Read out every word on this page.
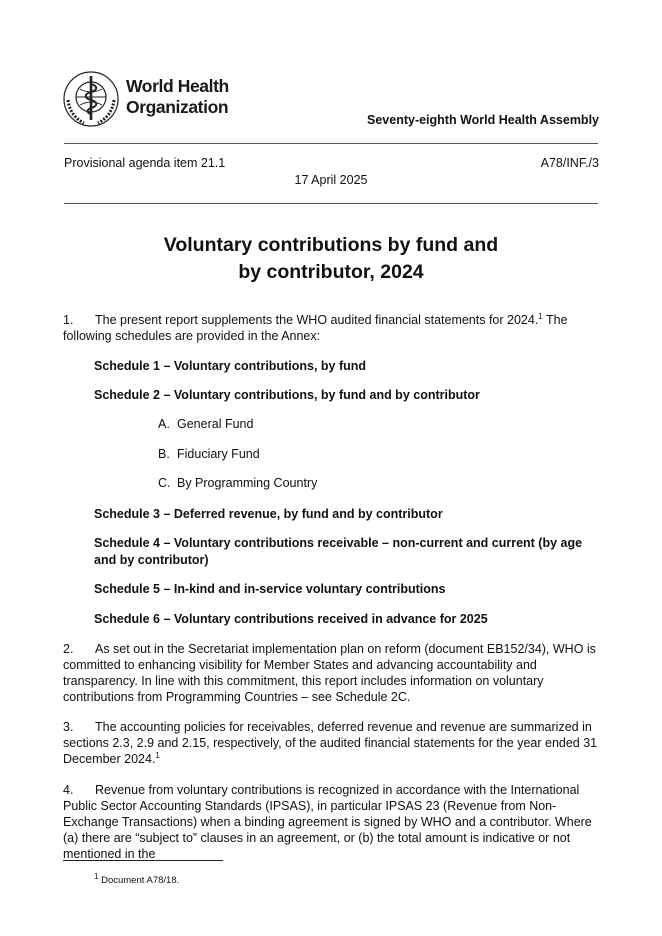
World Health
Organization
Seventy-eighth World Health Assembly
Provisional agenda item 21.1	A78/INF./3
17 April 2025
Voluntary contributions by fund and
by contributor, 2024
1. The present report supplements the WHO audited financial statements for 2024.$^1$ The following schedules are provided in the Annex:
Schedule 1 – Voluntary contributions, by fund
Schedule 2 – Voluntary contributions, by fund and by contributor
A. General Fund
B. Fiduciary Fund
C. By Programming Country
Schedule 3 – Deferred revenue, by fund and by contributor
Schedule 4 – Voluntary contributions receivable – non-current and current (by age and by contributor)
Schedule 5 – In-kind and in-service voluntary contributions
Schedule 6 – Voluntary contributions received in advance for 2025
2. As set out in the Secretariat implementation plan on reform (document EB152/34), WHO is committed to enhancing visibility for Member States and advancing accountability and transparency. In line with this commitment, this report includes information on voluntary contributions from Programming Countries – see Schedule 2C.
3. The accounting policies for receivables, deferred revenue and revenue are summarized in sections 2.3, 2.9 and 2.15, respectively, of the audited financial statements for the year ended 31 December 2024.$^1$
4. Revenue from voluntary contributions is recognized in accordance with the International Public Sector Accounting Standards (IPSAS), in particular IPSAS 23 (Revenue from Non-Exchange Transactions) when a binding agreement is signed by WHO and a contributor. Where (a) there are “subject to” clauses in an agreement, or (b) the total amount is indicative or not mentioned in the
$^1$ Document A78/18.
